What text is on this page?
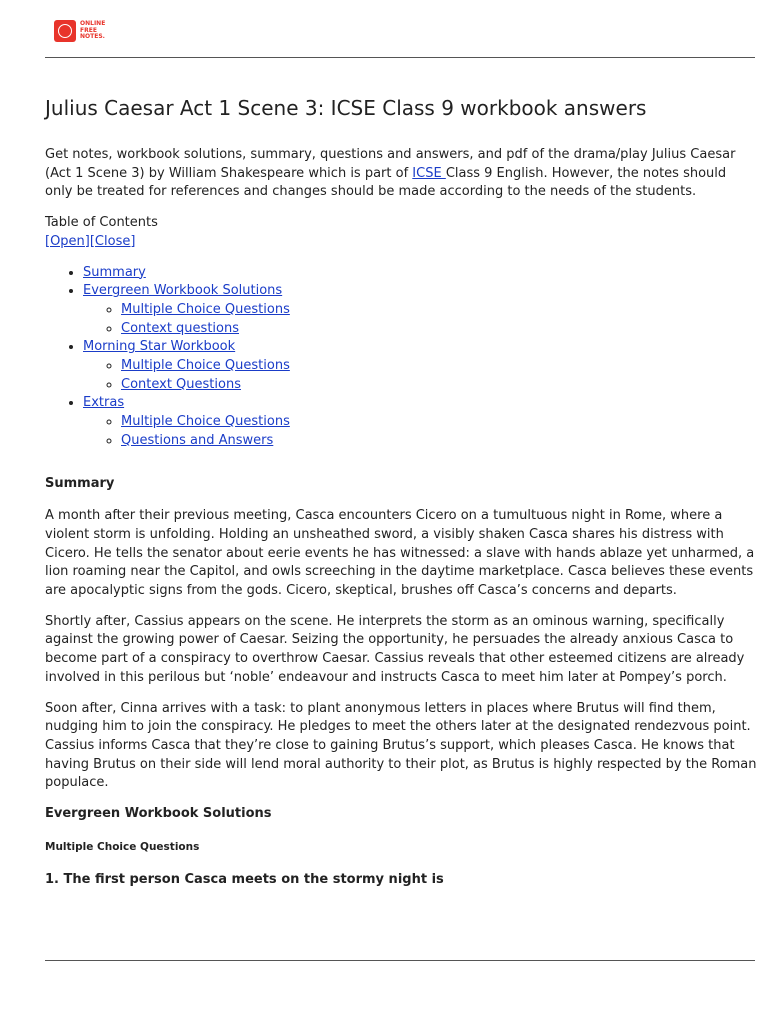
ONLINE
FREE
NOTES.
Julius Caesar Act 1 Scene 3: ICSE Class 9 workbook answers

Get notes, workbook solutions, summary, questions and answers, and pdf of the drama/play Julius Caesar (Act 1 Scene 3) by William Shakespeare which is part of ICSE Class 9 English. However, the notes should only be treated for references and changes should be made according to the needs of the students.

Table of Contents
[Open][Close]
• Summary
• Evergreen Workbook Solutions
◦ Multiple Choice Questions
◦ Context questions
• Morning Star Workbook
◦ Multiple Choice Questions
◦ Context Questions
• Extras
◦ Multiple Choice Questions
◦ Questions and Answers
Summary

A month after their previous meeting, Casca encounters Cicero on a tumultuous night in Rome, where a violent storm is unfolding. Holding an unsheathed sword, a visibly shaken Casca shares his distress with Cicero. He tells the senator about eerie events he has witnessed: a slave with hands ablaze yet unharmed, a lion roaming near the Capitol, and owls screeching in the daytime marketplace. Casca believes these events are apocalyptic signs from the gods. Cicero, skeptical, brushes off Casca’s concerns and departs.

Shortly after, Cassius appears on the scene. He interprets the storm as an ominous warning, specifically against the growing power of Caesar. Seizing the opportunity, he persuades the already anxious Casca to become part of a conspiracy to overthrow Caesar. Cassius reveals that other esteemed citizens are already involved in this perilous but ‘noble’ endeavour and instructs Casca to meet him later at Pompey’s porch.

Soon after, Cinna arrives with a task: to plant anonymous letters in places where Brutus will find them, nudging him to join the conspiracy. He pledges to meet the others later at the designated rendezvous point. Cassius informs Casca that they’re close to gaining Brutus’s support, which pleases Casca. He knows that having Brutus on their side will lend moral authority to their plot, as Brutus is highly respected by the Roman populace.

Evergreen Workbook Solutions
Multiple Choice Questions
1. The first person Casca meets on the stormy night is
